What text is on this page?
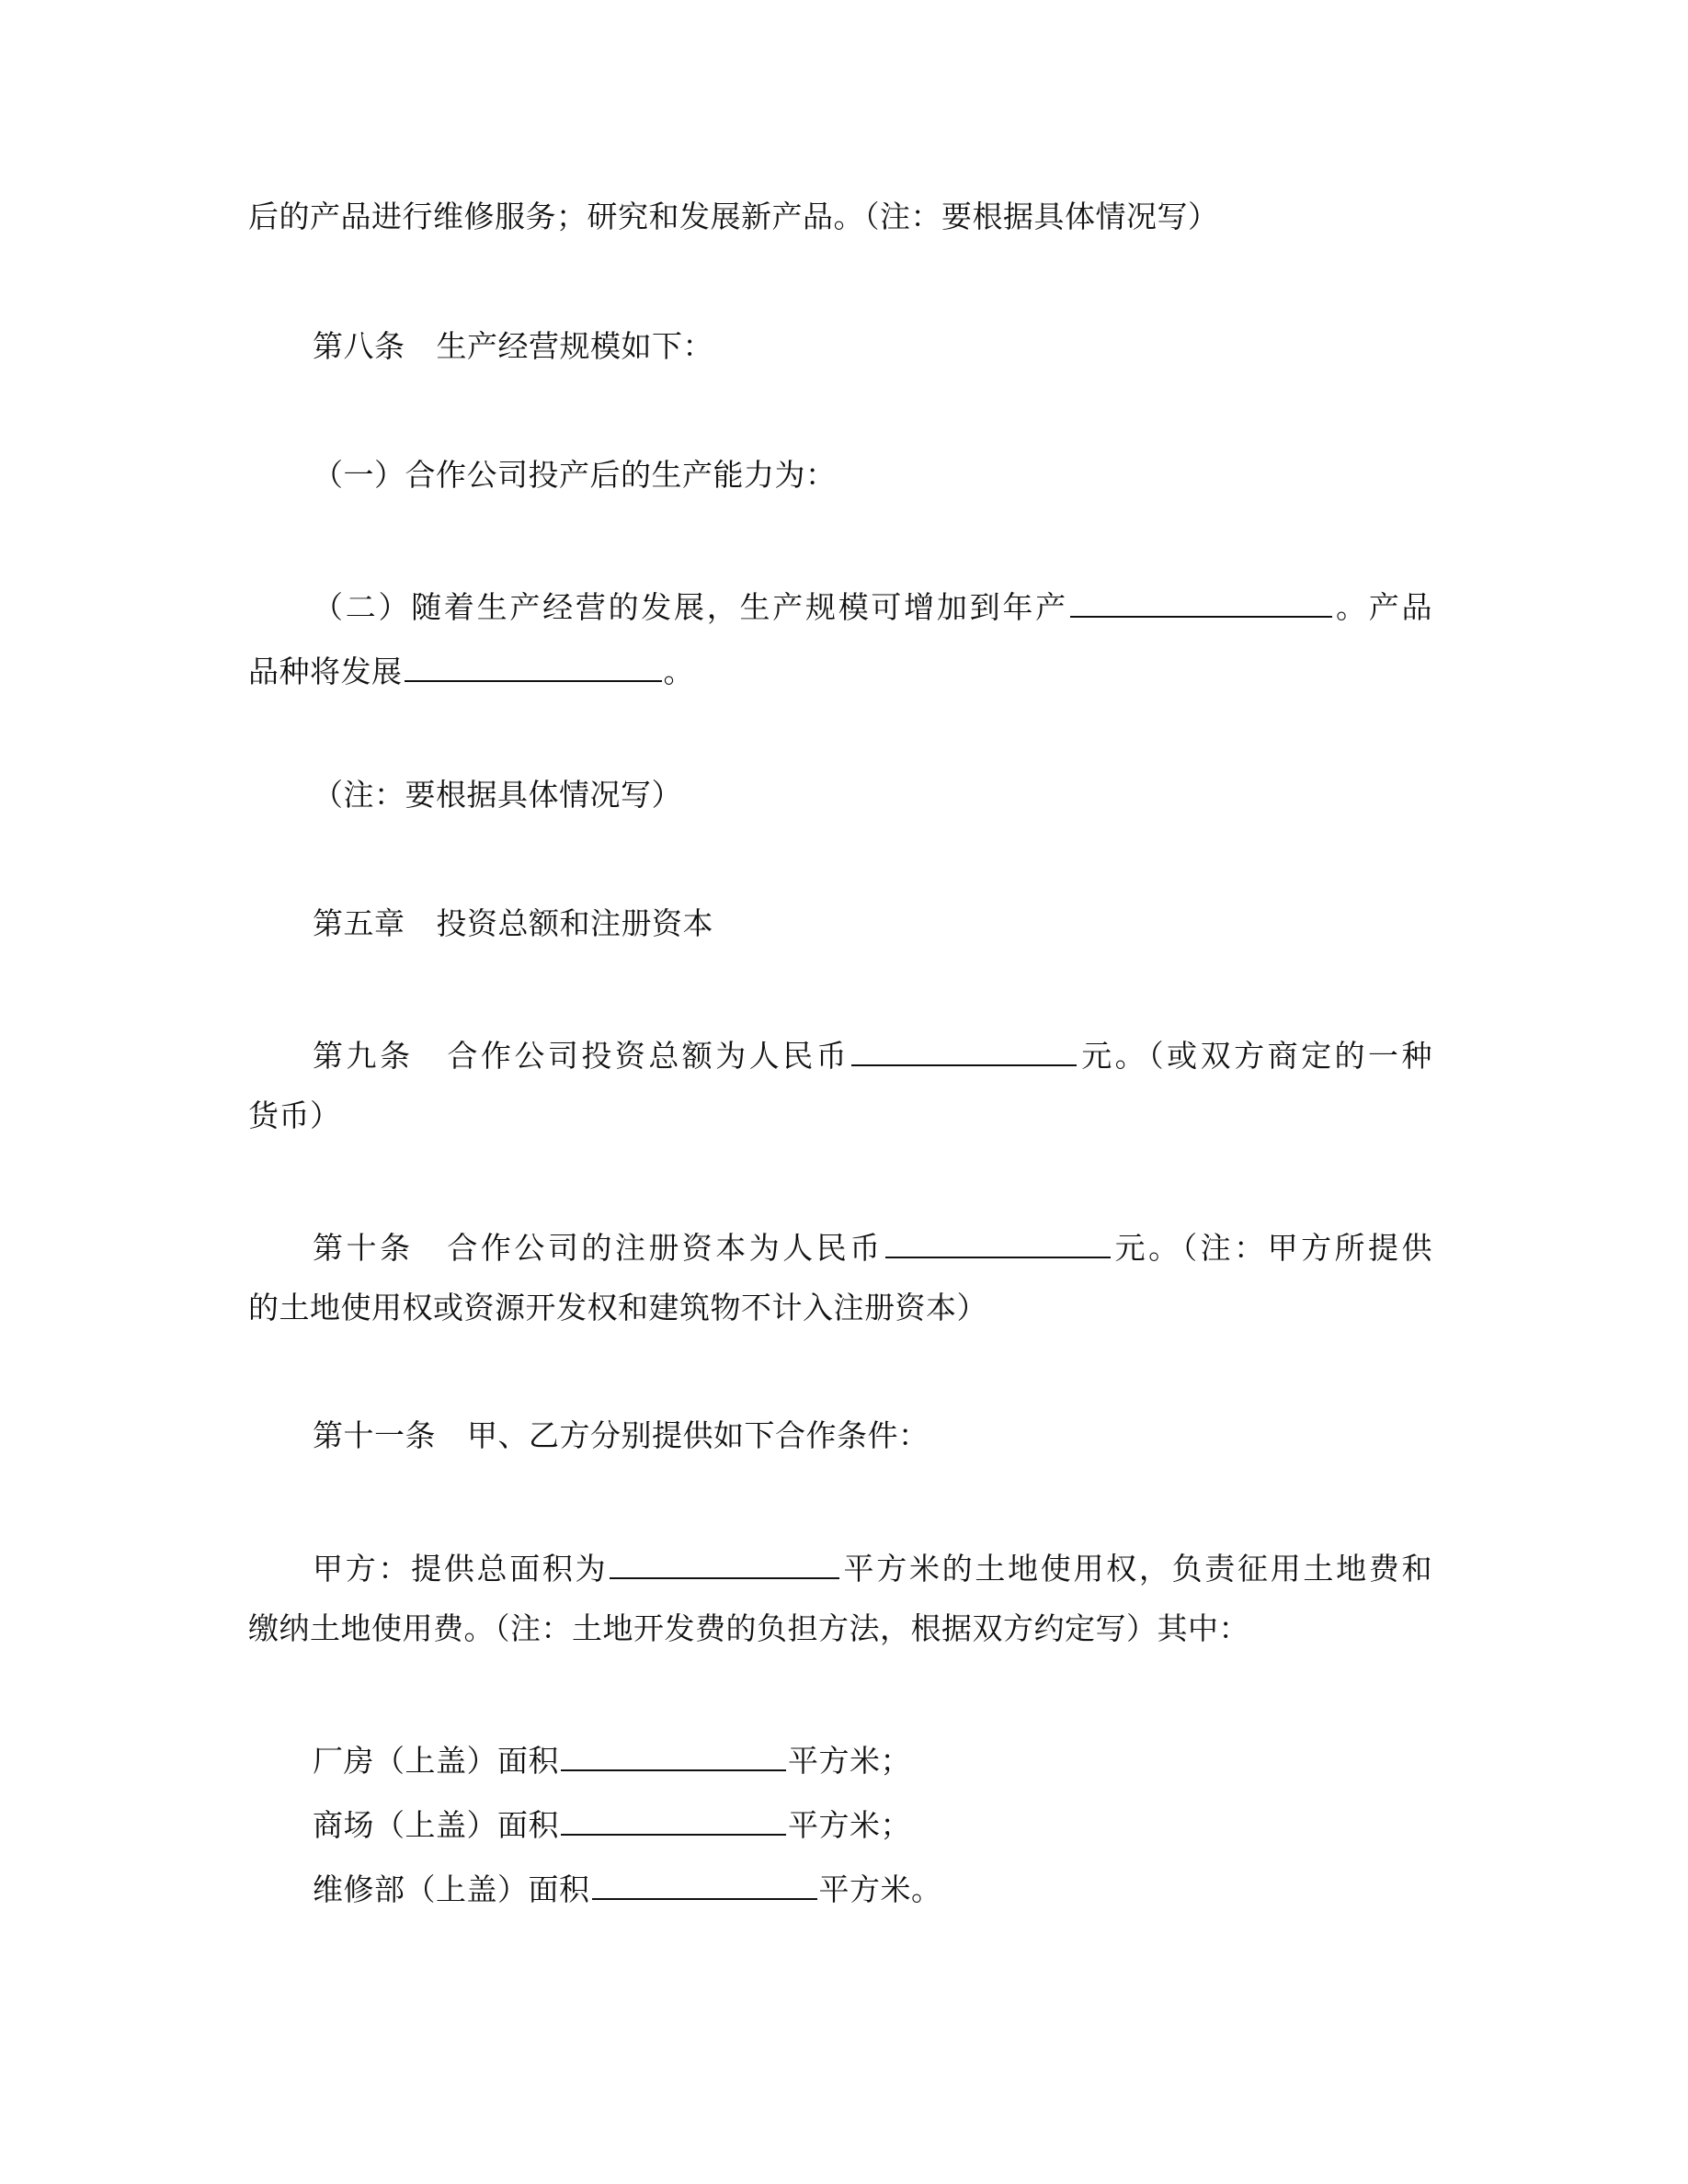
后的产品进行维修服务；研究和发展新产品。（注：要根据具体情况写）

第八条 生产经营规模如下：

（一）合作公司投产后的生产能力为：

（二）随着生产经营的发展，生产规模可增加到年产	。产品

品种将发展	。

（注：要根据具体情况写）

第五章 投资总额和注册资本

第九条 合作公司投资总额为人民币	元。（或双方商定的一种

货币）

第十条 合作公司的注册资本为人民币	元。（注：甲方所提供

的土地使用权或资源开发权和建筑物不计入注册资本）

第十一条 甲、乙方分别提供如下合作条件：

甲方：提供总面积为	平方米的土地使用权，负责征用土地费和

缴纳土地使用费。（注：土地开发费的负担方法，根据双方约定写）其中：

厂房（上盖）面积	平方米；

商场（上盖）面积	平方米；

维修部（上盖）面积	平方米。
